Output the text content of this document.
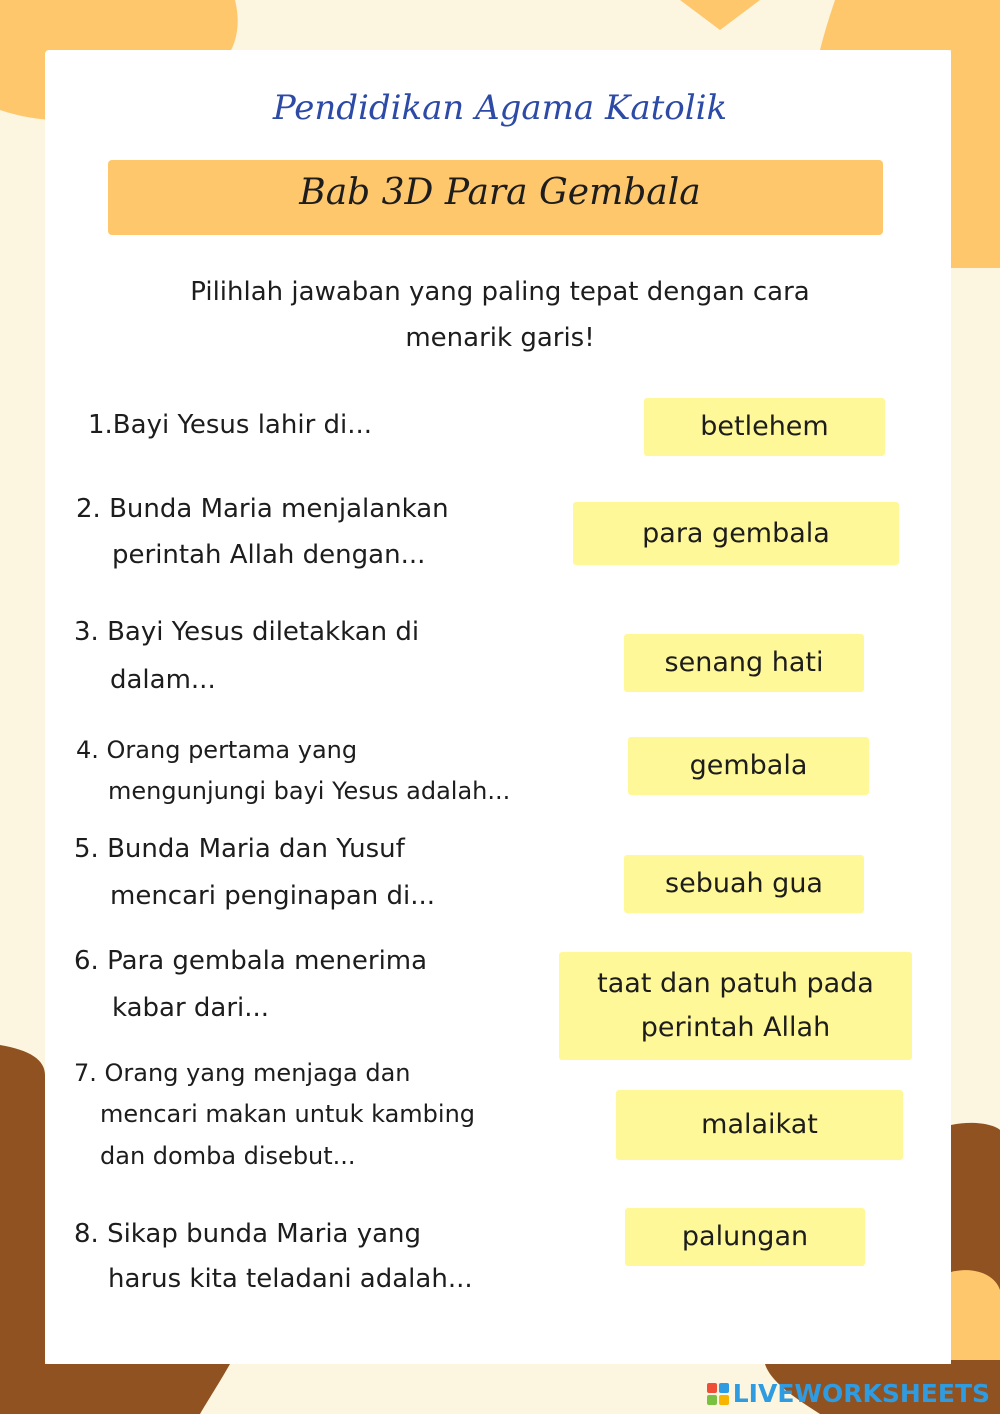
Pendidikan Agama Katolik
Bab 3D Para Gembala
Pilihlah jawaban yang paling tepat dengan cara
menarik garis!
1.Bayi Yesus lahir di...
2. Bunda Maria menjalankan
perintah Allah dengan...
3. Bayi Yesus diletakkan di
dalam...
4. Orang pertama yang
mengunjungi bayi Yesus adalah...
5. Bunda Maria dan Yusuf
mencari penginapan di...
6. Para gembala menerima
kabar dari...
7. Orang yang menjaga dan
mencari makan untuk kambing
dan domba disebut...
8. Sikap bunda Maria yang
harus kita teladani adalah...
betlehem
para gembala
senang hati
gembala
sebuah gua
taat dan patuh pada
perintah Allah
malaikat
palungan
LIVE WORKSHEETS
